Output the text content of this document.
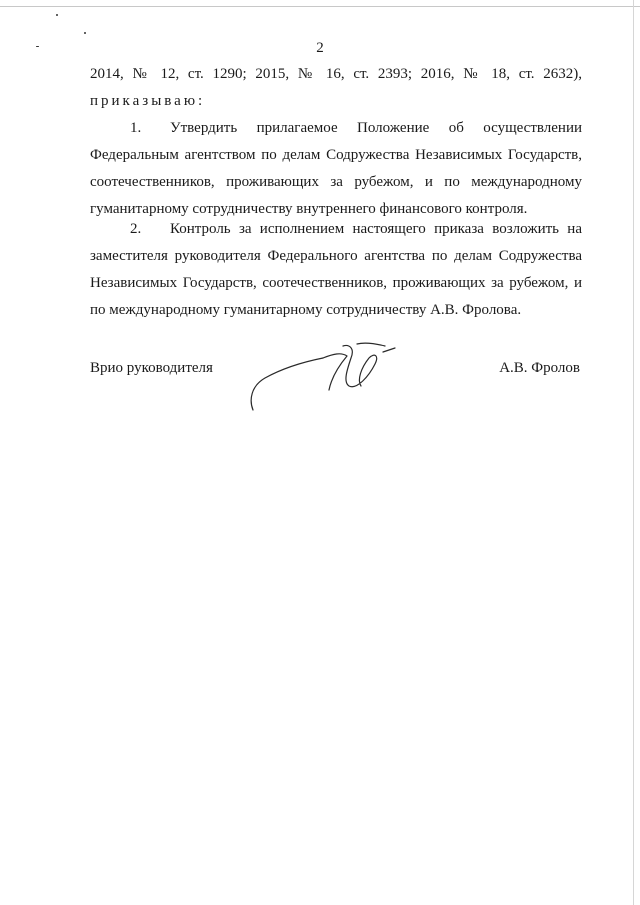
2
2014, № 12, ст. 1290; 2015, № 16, ст. 2393; 2016, № 18, ст. 2632),
приказываю:
1. Утвердить прилагаемое Положение об осуществлении
Федеральным агентством по делам Содружества Независимых Государств,
соотечественников, проживающих за рубежом, и по международному
гуманитарному сотрудничеству внутреннего финансового контроля.
2. Контроль за исполнением настоящего приказа возложить на
заместителя руководителя Федерального агентства по делам Содружества
Независимых Государств, соотечественников, проживающих за рубежом, и
по международному гуманитарному сотрудничеству А.В. Фролова.
Врио руководителя	А.В. Фролов
